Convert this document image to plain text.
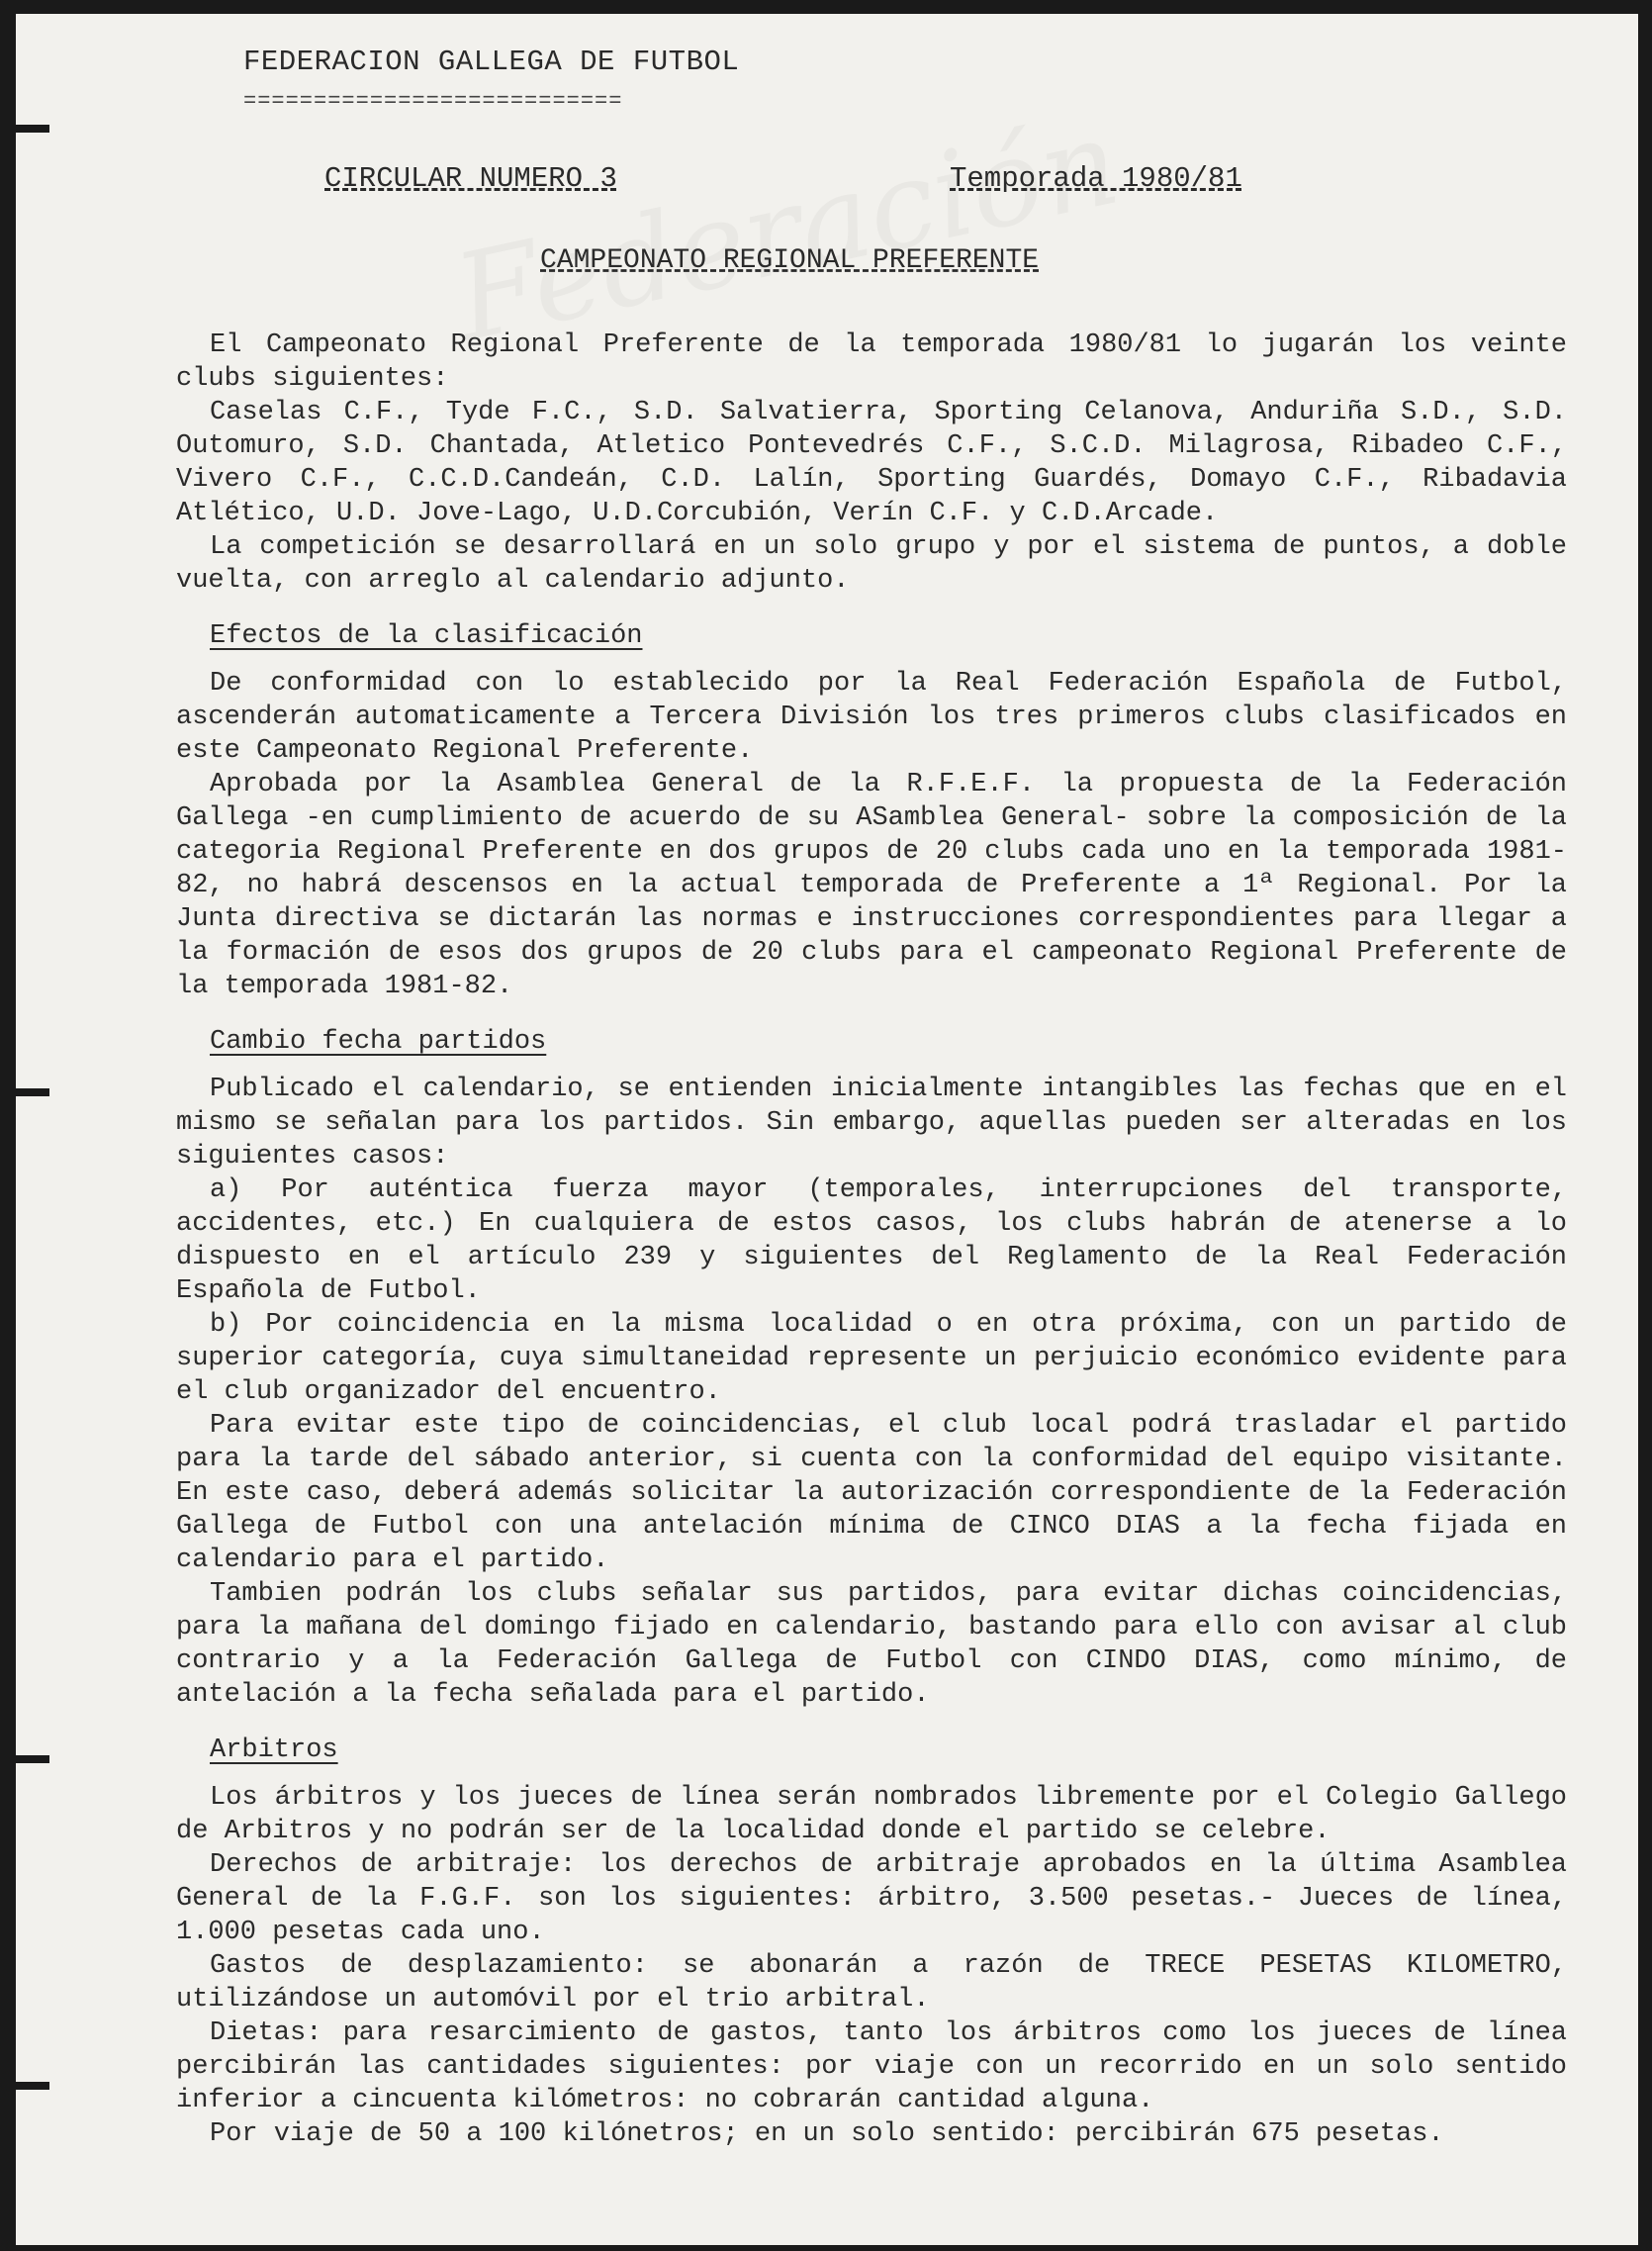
FEDERACION GALLEGA DE FUTBOL
===========================
CIRCULAR NUMERO 3	Temporada 1980/81
CAMPEONATO REGIONAL PREFERENTE

El Campeonato Regional Preferente de la temporada 1980/81 lo jugarán los veinte clubs siguientes:

Caselas C.F., Tyde F.C., S.D. Salvatierra, Sporting Celanova, Anduriña S.D., S.D. Outomuro, S.D. Chantada, Atletico Pontevedrés C.F., S.C.D. Milagrosa, Ribadeo C.F., Vivero C.F., C.C.D.Candeán, C.D. Lalín, Sporting Guardés, Domayo C.F., Ribadavia Atlético, U.D. Jove-Lago, U.D.Corcubión, Verín C.F. y C.D.Arcade.

La competición se desarrollará en un solo grupo y por el sistema de puntos, a doble vuelta, con arreglo al calendario adjunto.

Efectos de la clasificación

De conformidad con lo establecido por la Real Federación Española de Futbol, ascenderán automaticamente a Tercera División los tres primeros clubs clasificados en este Campeonato Regional Preferente.

Aprobada por la Asamblea General de la R.F.E.F. la propuesta de la Federación Gallega -en cumplimiento de acuerdo de su ASamblea General- sobre la composición de la categoria Regional Preferente en dos grupos de 20 clubs cada uno en la temporada 1981-82, no habrá descensos en la actual temporada de Preferente a 1ª Regional. Por la Junta directiva se dictarán las normas e instrucciones correspondientes para llegar a la formación de esos dos grupos de 20 clubs para el campeonato Regional Preferente de la temporada 1981-82.

Cambio fecha partidos

Publicado el calendario, se entienden inicialmente intangibles las fechas que en el mismo se señalan para los partidos. Sin embargo, aquellas pueden ser alteradas en los siguientes casos:

a) Por auténtica fuerza mayor (temporales, interrupciones del transporte, accidentes, etc.) En cualquiera de estos casos, los clubs habrán de atenerse a lo dispuesto en el artículo 239 y siguientes del Reglamento de la Real Federación Española de Futbol.

b) Por coincidencia en la misma localidad o en otra próxima, con un partido de superior categoría, cuya simultaneidad represente un perjuicio económico evidente para el club organizador del encuentro.

Para evitar este tipo de coincidencias, el club local podrá trasladar el partido para la tarde del sábado anterior, si cuenta con la conformidad del equipo visitante. En este caso, deberá además solicitar la autorización correspondiente de la Federación Gallega de Futbol con una antelación mínima de CINCO DIAS a la fecha fijada en calendario para el partido.

Tambien podrán los clubs señalar sus partidos, para evitar dichas coincidencias, para la mañana del domingo fijado en calendario, bastando para ello con avisar al club contrario y a la Federación Gallega de Futbol con CINDO DIAS, como mínimo, de antelación a la fecha señalada para el partido.

Arbitros

Los árbitros y los jueces de línea serán nombrados libremente por el Colegio Gallego de Arbitros y no podrán ser de la localidad donde el partido se celebre.

Derechos de arbitraje: los derechos de arbitraje aprobados en la última Asamblea General de la F.G.F. son los siguientes: árbitro, 3.500 pesetas.- Jueces de línea, 1.000 pesetas cada uno.

Gastos de desplazamiento: se abonarán a razón de TRECE PESETAS KILOMETRO, utilizándose un automóvil por el trio arbitral.

Dietas: para resarcimiento de gastos, tanto los árbitros como los jueces de línea percibirán las cantidades siguientes: por viaje con un recorrido en un solo sentido inferior a cincuenta kilómetros: no cobrarán cantidad alguna.

Por viaje de 50 a 100 kilónetros; en un solo sentido: percibirán 675 pesetas.
